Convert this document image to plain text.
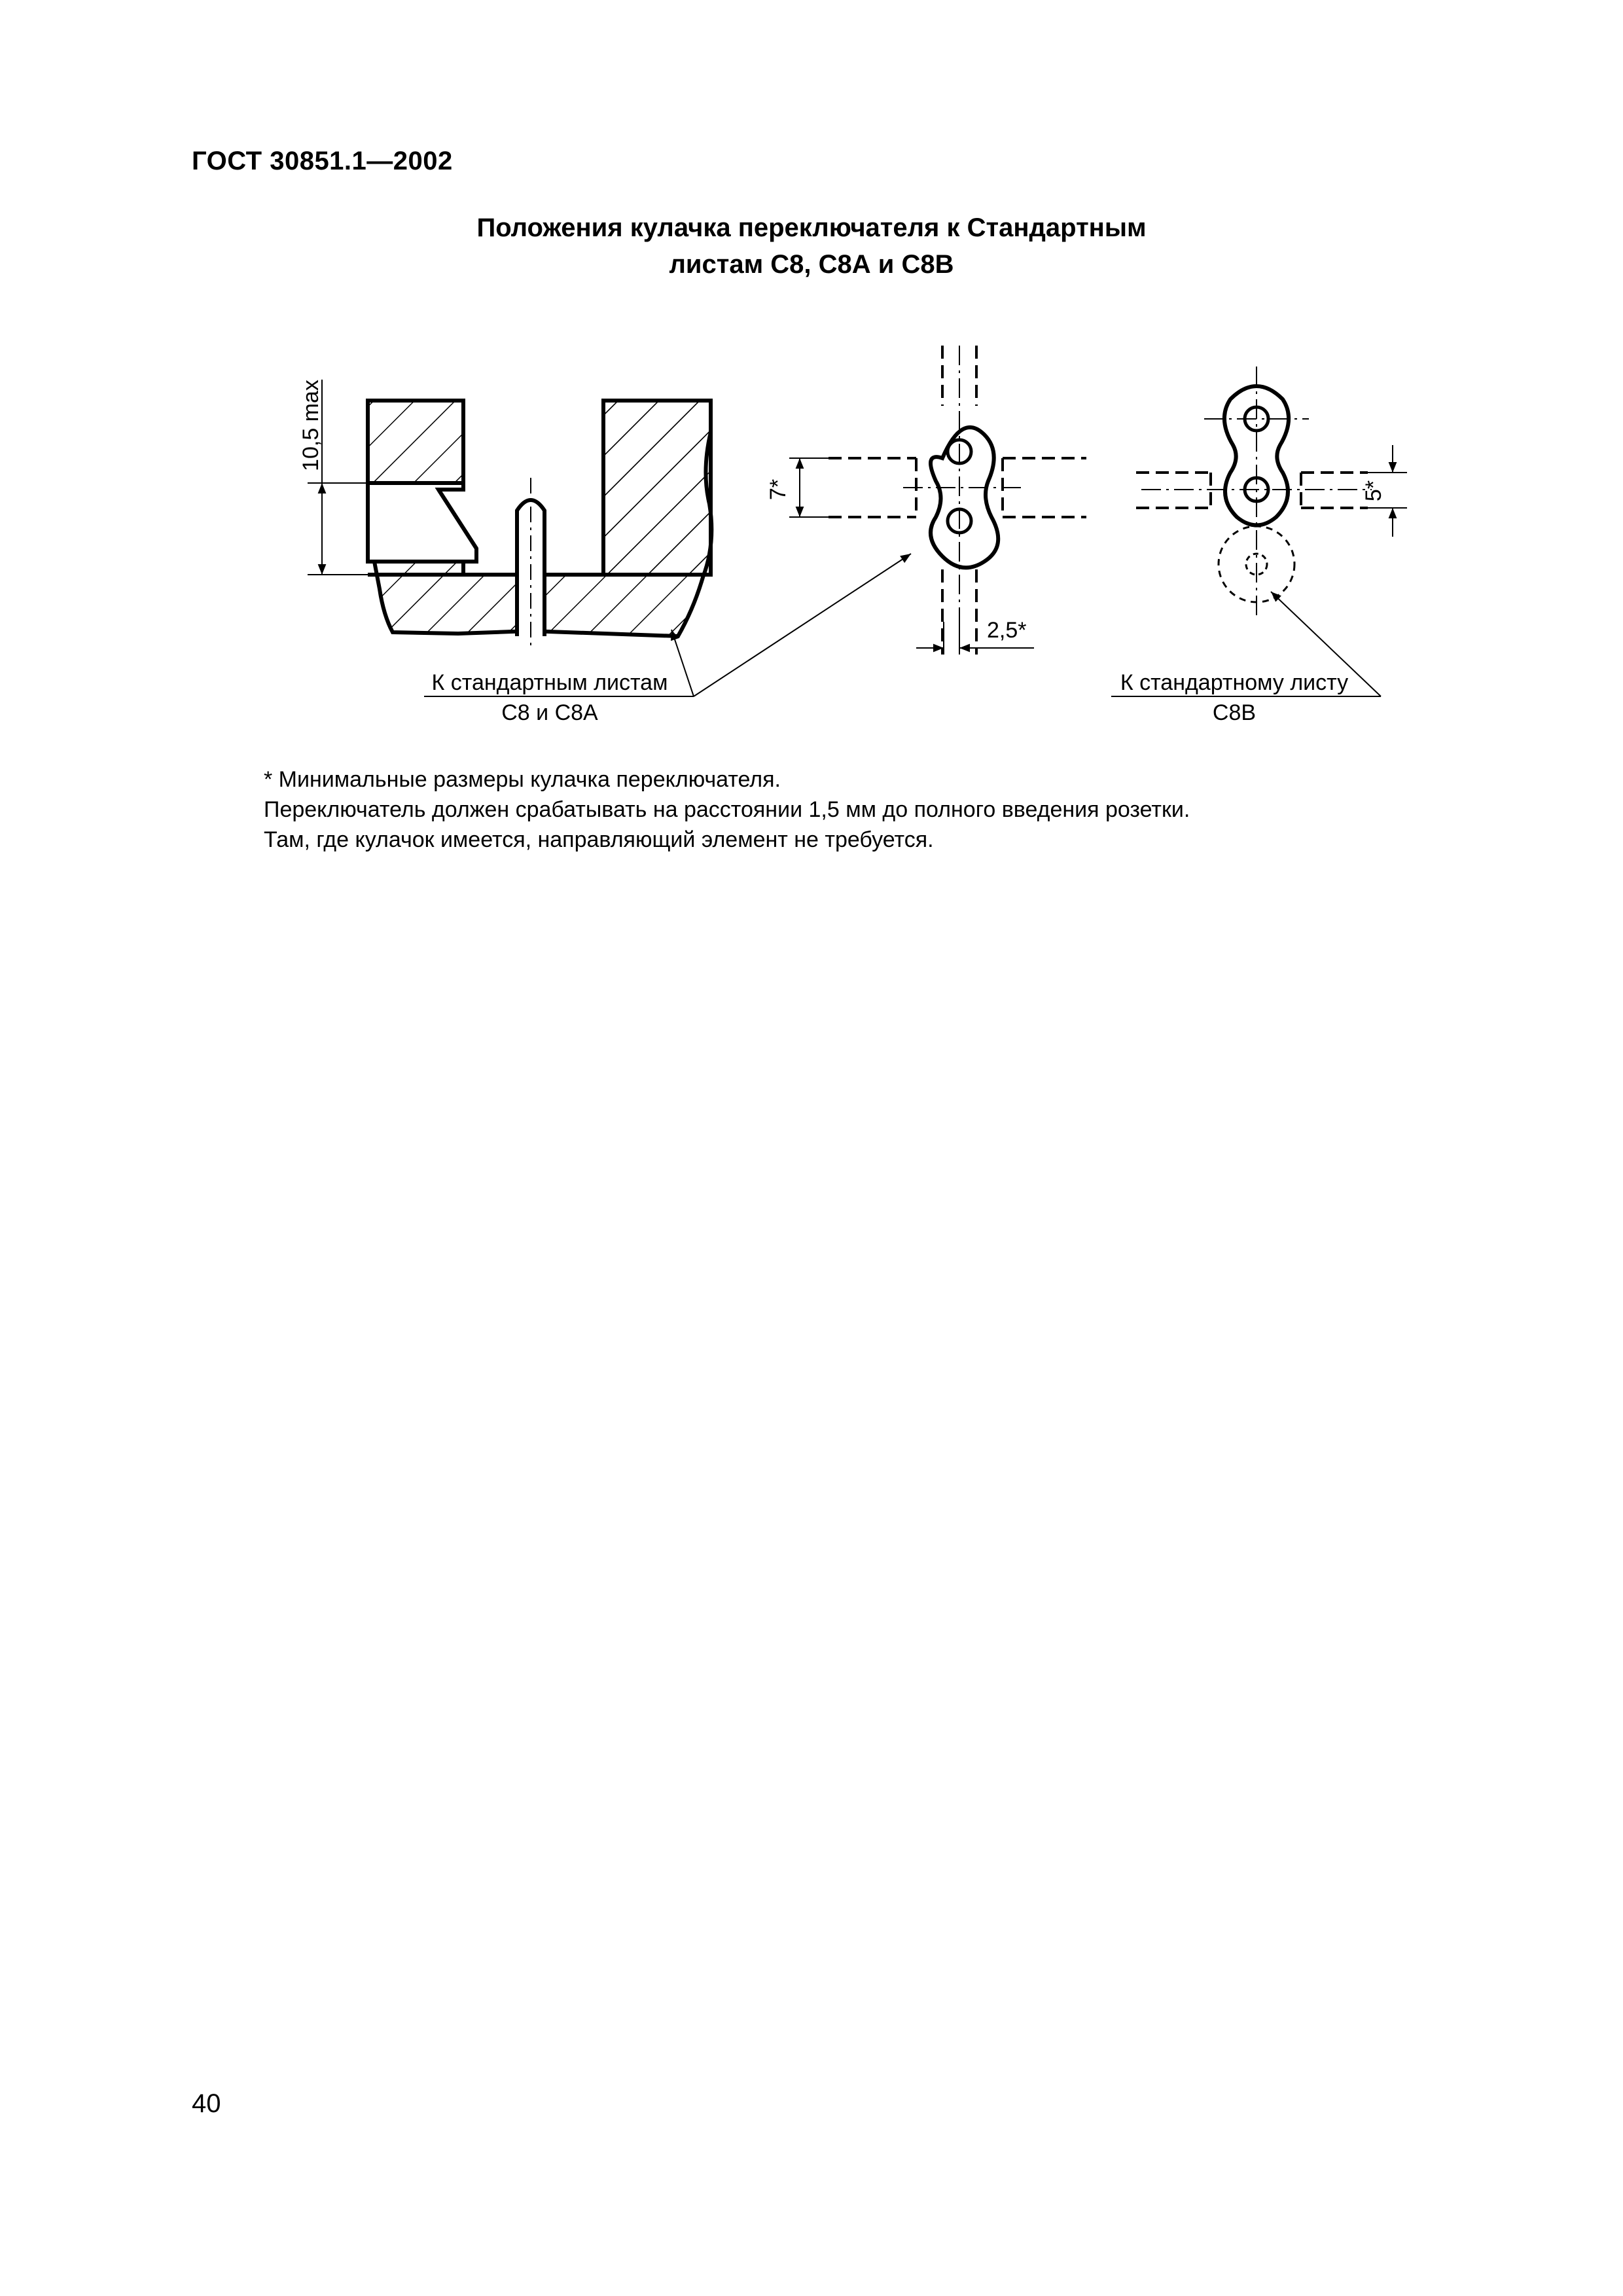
ГОСТ 30851.1—2002
Положения кулачка переключателя к Стандартным
листам С8, С8А и С8В
10,5 max
7*
2,5*
5*
К стандартным листам
С8 и С8А
К стандартному листу
С8В
* Минимальные размеры кулачка переключателя.
Переключатель должен срабатывать на расстоянии 1,5 мм до полного введения розетки.
Там, где кулачок имеется, направляющий элемент не требуется.
40
